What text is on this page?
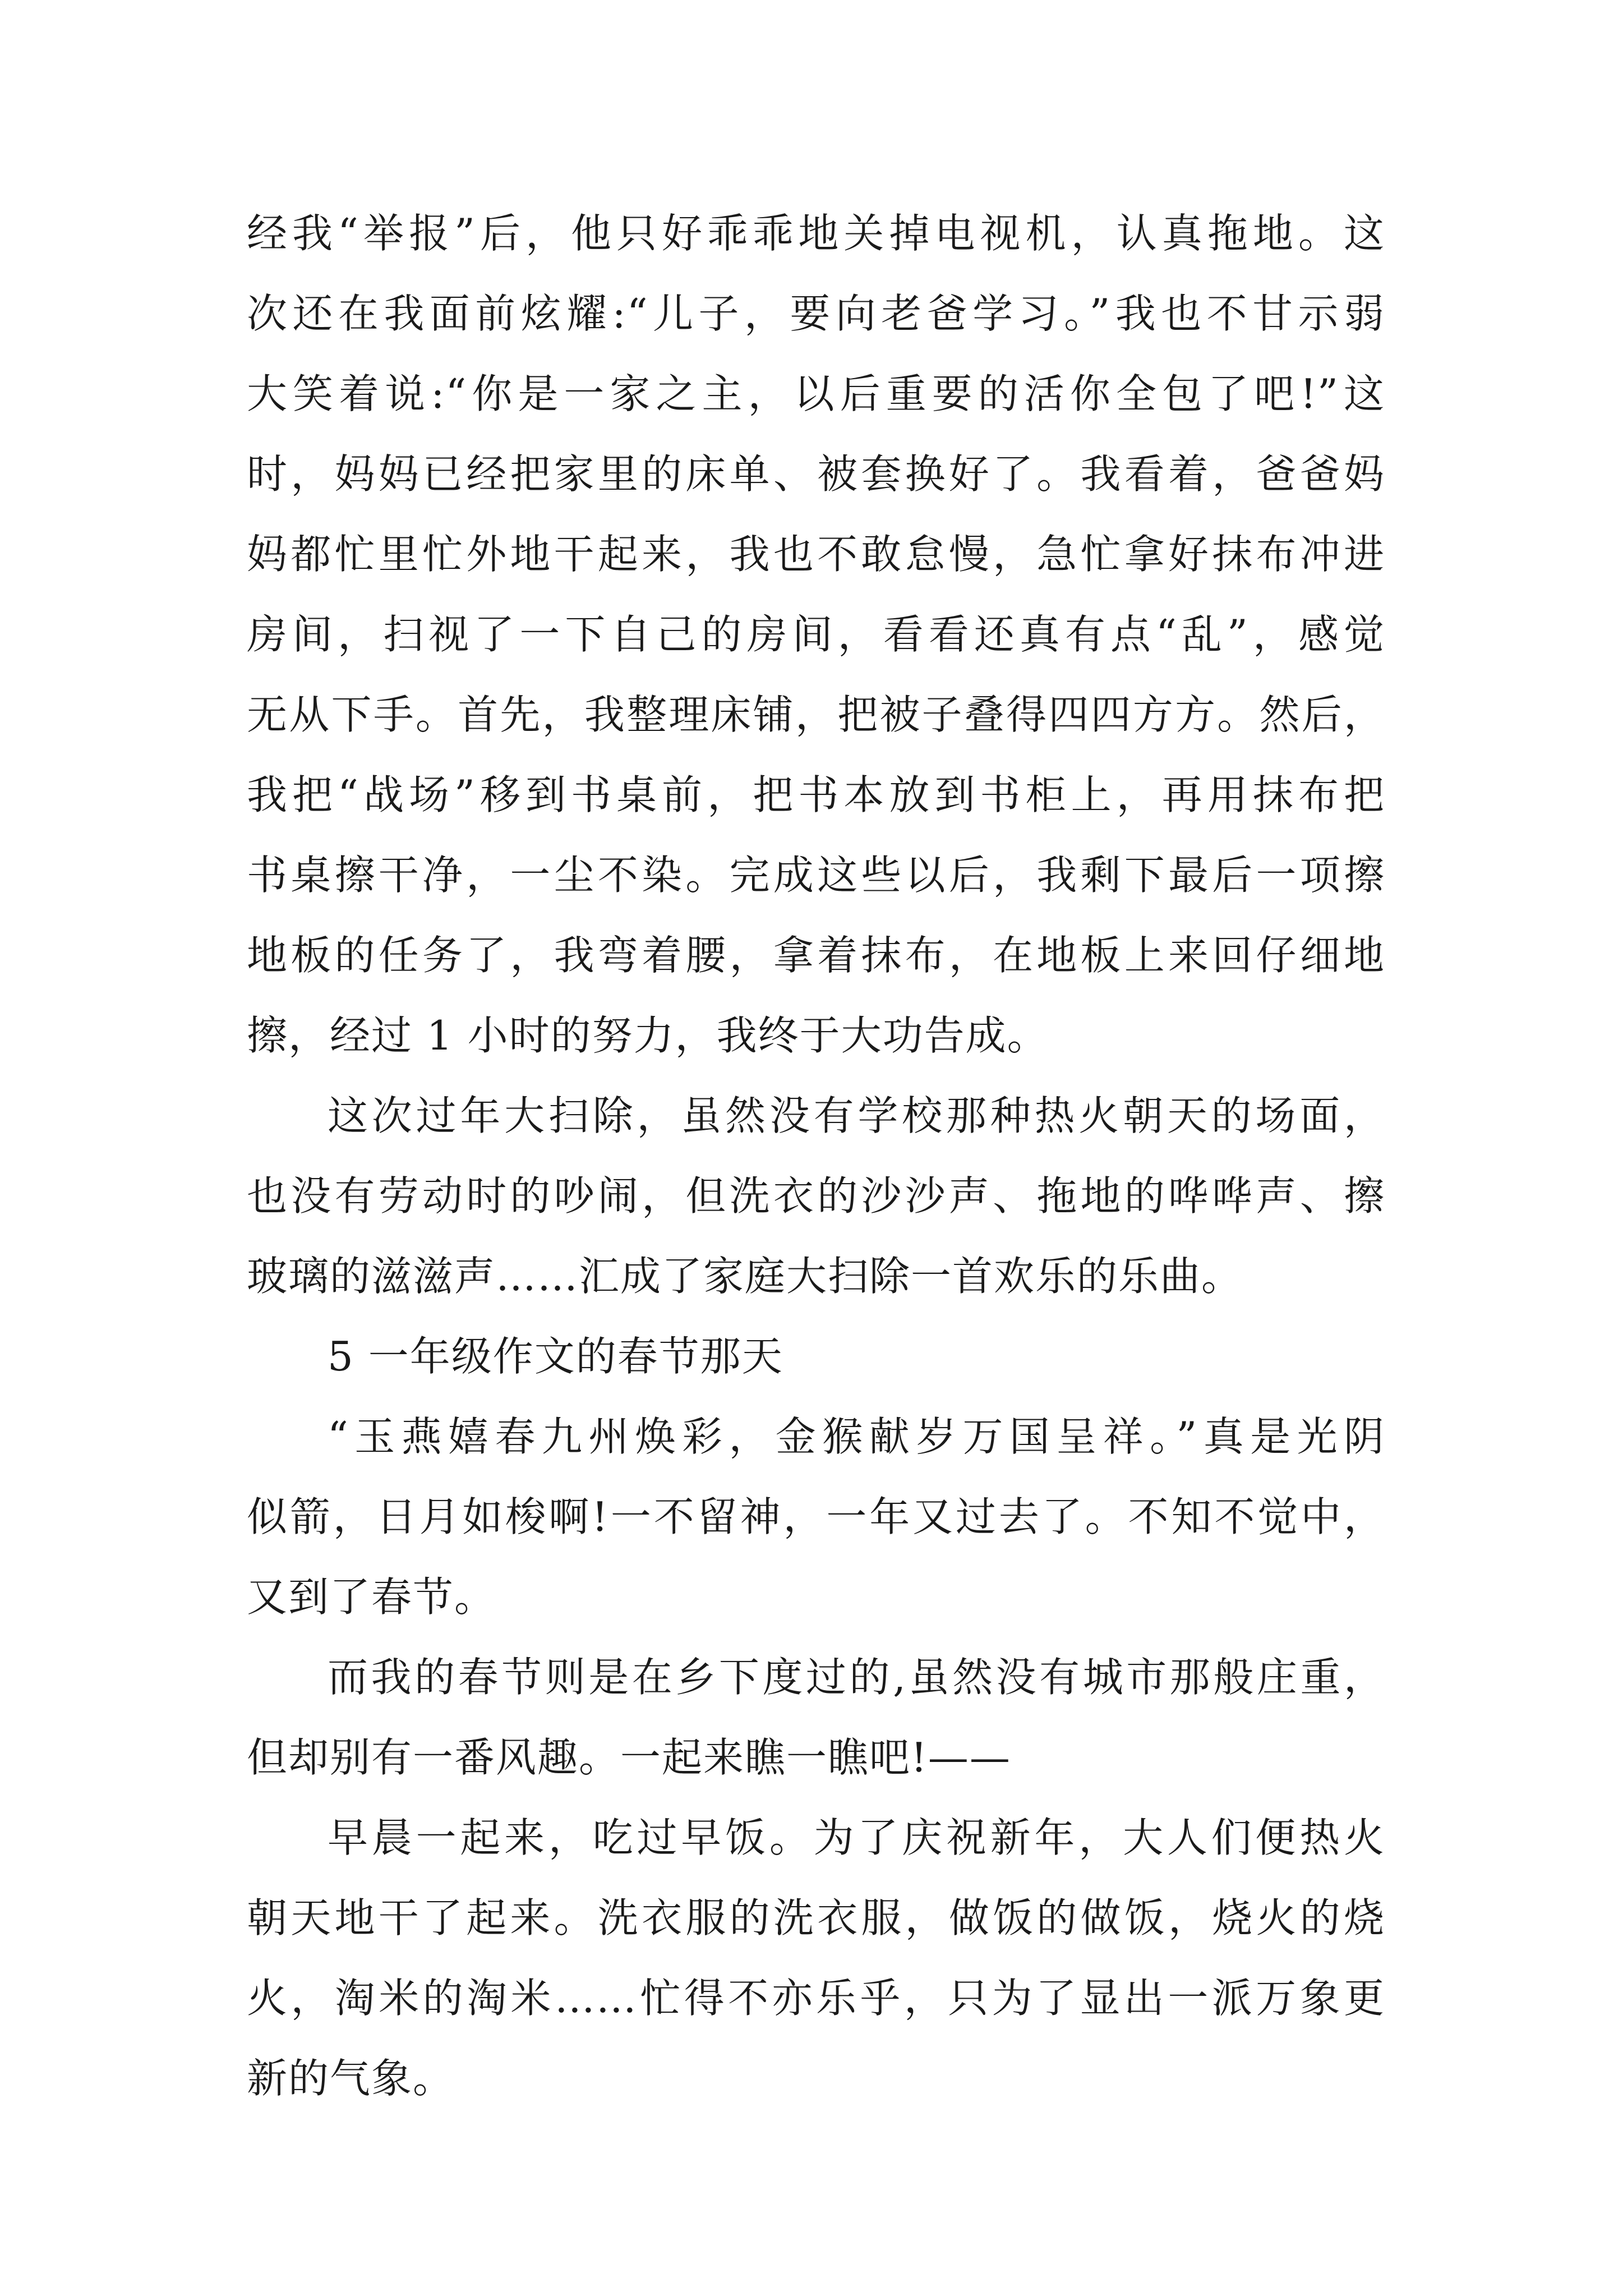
经我“举报”后，他只好乖乖地关掉电视机，认真拖地。这
次还在我面前炫耀:“儿子，要向老爸学习。”我也不甘示弱
大笑着说:“你是一家之主，以后重要的活你全包了吧!”这
时，妈妈已经把家里的床单、被套换好了。我看着，爸爸妈
妈都忙里忙外地干起来，我也不敢怠慢，急忙拿好抹布冲进
房间，扫视了一下自己的房间，看看还真有点“乱”，感觉
无从下手。首先，我整理床铺，把被子叠得四四方方。然后，
我把“战场”移到书桌前，把书本放到书柜上，再用抹布把
书桌擦干净，一尘不染。完成这些以后，我剩下最后一项擦
地板的任务了，我弯着腰，拿着抹布，在地板上来回仔细地
擦，经过 1 小时的努力，我终于大功告成。
这次过年大扫除，虽然没有学校那种热火朝天的场面，
也没有劳动时的吵闹，但洗衣的沙沙声、拖地的哗哗声、擦
玻璃的滋滋声……汇成了家庭大扫除一首欢乐的乐曲。
5 一年级作文的春节那天
“玉燕嬉春九州焕彩，金猴献岁万国呈祥。”真是光阴
似箭，日月如梭啊!一不留神，一年又过去了。不知不觉中，
又到了春节。
而我的春节则是在乡下度过的,虽然没有城市那般庄重，
但却别有一番风趣。一起来瞧一瞧吧!——
早晨一起来，吃过早饭。为了庆祝新年，大人们便热火
朝天地干了起来。洗衣服的洗衣服，做饭的做饭，烧火的烧
火，淘米的淘米……忙得不亦乐乎，只为了显出一派万象更
新的气象。
